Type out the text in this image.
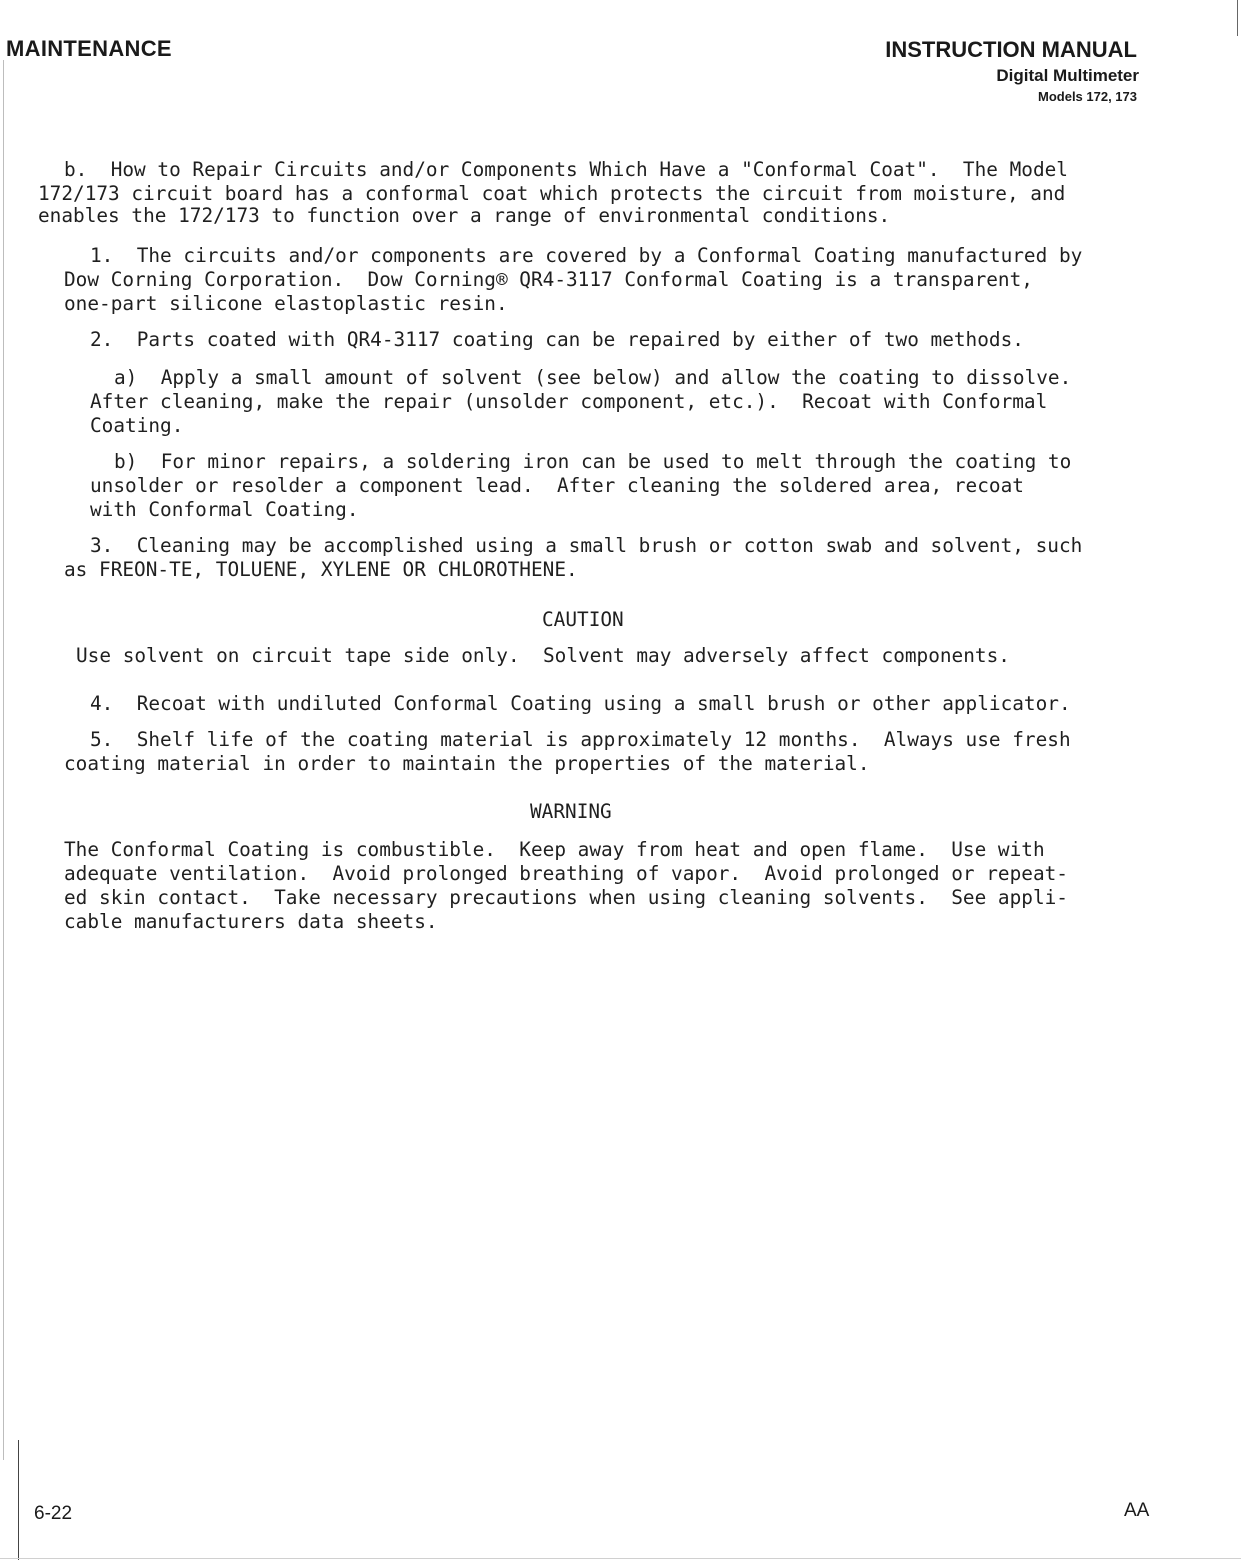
MAINTENANCE	INSTRUCTION MANUAL
Digital Multimeter
Models 172, 173
b.  How to Repair Circuits and/or Components Which Have a "Conformal Coat".  The Model
172/173 circuit board has a conformal coat which protects the circuit from moisture, and
enables the 172/173 to function over a range of environmental conditions.
1.  The circuits and/or components are covered by a Conformal Coating manufactured by
Dow Corning Corporation.  Dow Corning® QR4-3117 Conformal Coating is a transparent,
one-part silicone elastoplastic resin.
2.  Parts coated with QR4-3117 coating can be repaired by either of two methods.
a)  Apply a small amount of solvent (see below) and allow the coating to dissolve.
After cleaning, make the repair (unsolder component, etc.).  Recoat with Conformal
Coating.
b)  For minor repairs, a soldering iron can be used to melt through the coating to
unsolder or resolder a component lead.  After cleaning the soldered area, recoat
with Conformal Coating.
3.  Cleaning may be accomplished using a small brush or cotton swab and solvent, such
as FREON-TE, TOLUENE, XYLENE OR CHLOROTHENE.
CAUTION
Use solvent on circuit tape side only.  Solvent may adversely affect components.
4.  Recoat with undiluted Conformal Coating using a small brush or other applicator.
5.  Shelf life of the coating material is approximately 12 months.  Always use fresh
coating material in order to maintain the properties of the material.
WARNING
The Conformal Coating is combustible.  Keep away from heat and open flame.  Use with
adequate ventilation.  Avoid prolonged breathing of vapor.  Avoid prolonged or repeat-
ed skin contact.  Take necessary precautions when using cleaning solvents.  See appli-
cable manufacturers data sheets.
6-22	AA
